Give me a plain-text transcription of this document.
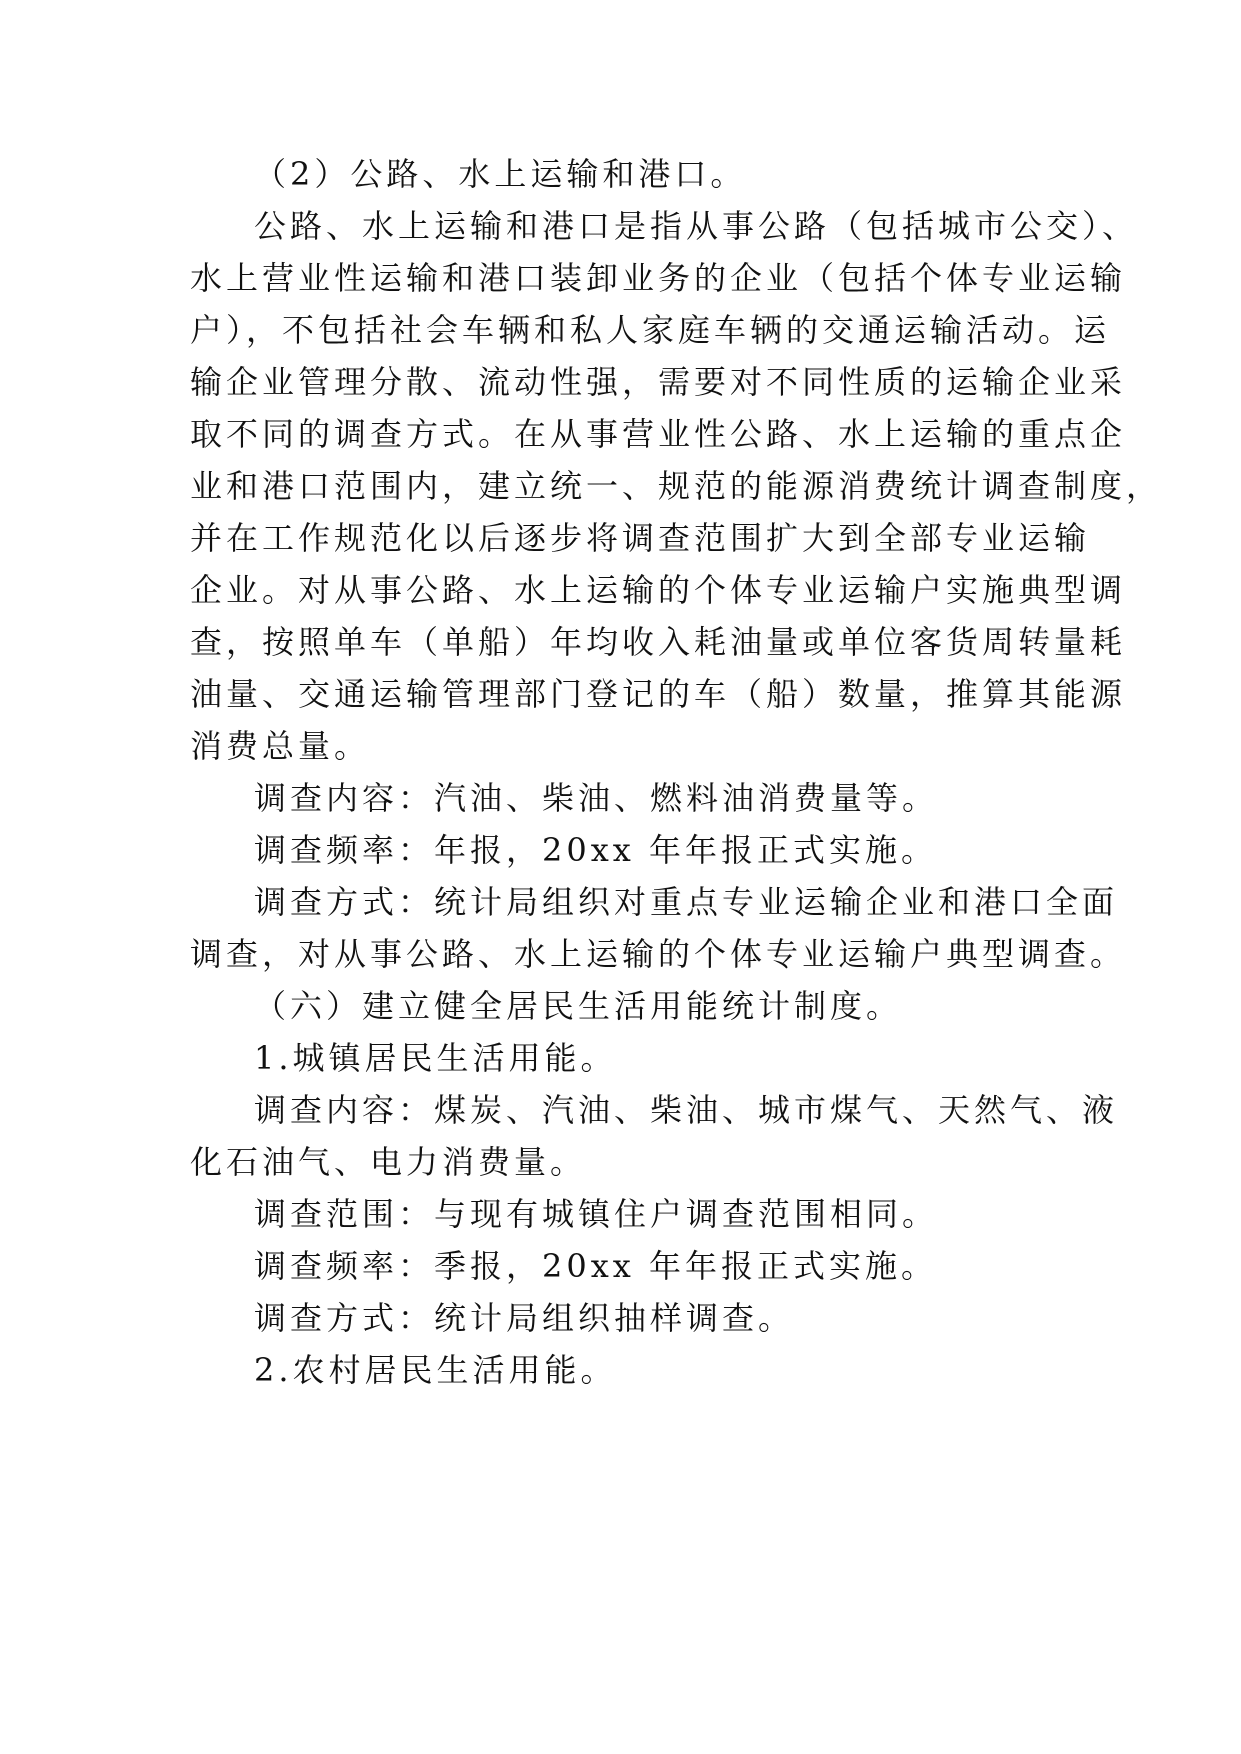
（2）公路、水上运输和港口。
公路、水上运输和港口是指从事公路（包括城市公交）、
水上营业性运输和港口装卸业务的企业（包括个体专业运输
户），不包括社会车辆和私人家庭车辆的交通运输活动。运
输企业管理分散、流动性强，需要对不同性质的运输企业采
取不同的调查方式。在从事营业性公路、水上运输的重点企
业和港口范围内，建立统一、规范的能源消费统计调查制度，
并在工作规范化以后逐步将调查范围扩大到全部专业运输
企业。对从事公路、水上运输的个体专业运输户实施典型调
查，按照单车（单船）年均收入耗油量或单位客货周转量耗
油量、交通运输管理部门登记的车（船）数量，推算其能源
消费总量。
调查内容：汽油、柴油、燃料油消费量等。
调查频率：年报，20xx 年年报正式实施。
调查方式：统计局组织对重点专业运输企业和港口全面
调查，对从事公路、水上运输的个体专业运输户典型调查。
（六）建立健全居民生活用能统计制度。
1.城镇居民生活用能。
调查内容：煤炭、汽油、柴油、城市煤气、天然气、液
化石油气、电力消费量。
调查范围：与现有城镇住户调查范围相同。
调查频率：季报，20xx 年年报正式实施。
调查方式：统计局组织抽样调查。
2.农村居民生活用能。
